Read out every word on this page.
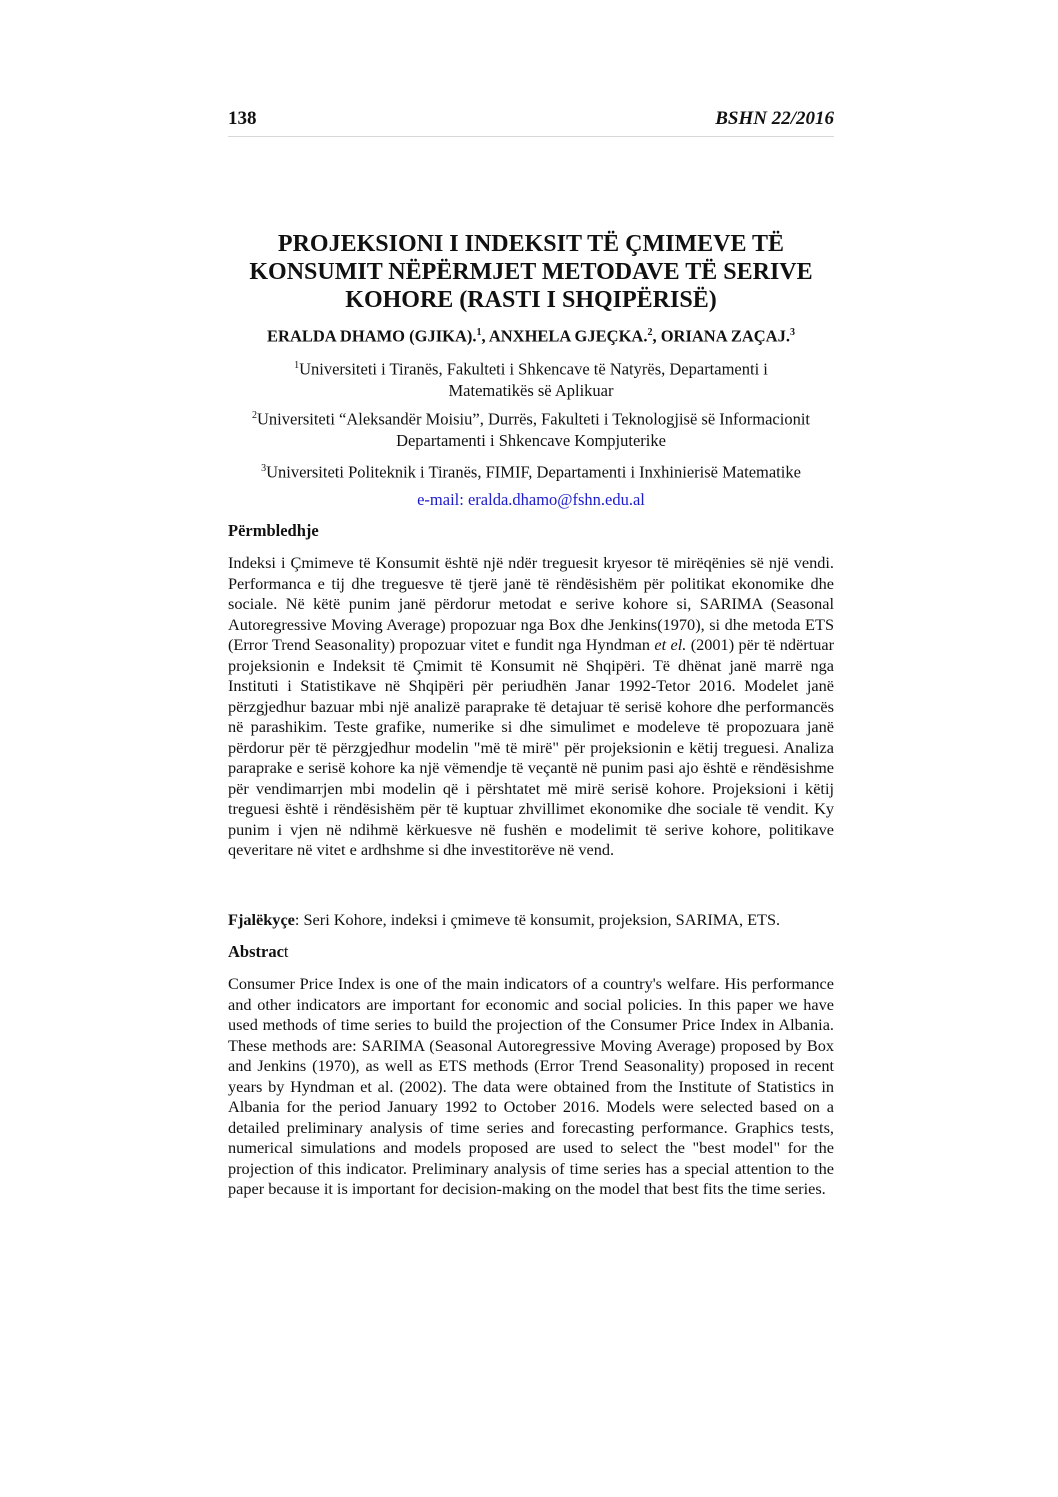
138	BSHN 22/2016
PROJEKSIONI I INDEKSIT TË ÇMIMEVE TË
KONSUMIT NËPËRMJET METODAVE TË SERIVE
KOHORE (RASTI I SHQIPËRISË)
ERALDA DHAMO (GJIKA).$^1$, ANXHELA GJEÇKA.$^2$, ORIANA ZAÇAJ.$^3$
$^1$Universiteti i Tiranës, Fakulteti i Shkencave të Natyrës, Departamenti i
Matematikës së Aplikuar
$^2$Universiteti “Aleksandër Moisiu”, Durrës, Fakulteti i Teknologjisë së Informacionit
Departamenti i Shkencave Kompjuterike
$^3$Universiteti Politeknik i Tiranës, FIMIF, Departamenti i Inxhinierisë Matematike
e-mail: eralda.dhamo@fshn.edu.al
Përmbledhje

Indeksi i Çmimeve të Konsumit është një ndër treguesit kryesor të mirëqënies së një vendi. Performanca e tij dhe treguesve të tjerë janë të rëndësishëm për politikat ekonomike dhe sociale. Në këtë punim janë përdorur metodat e serive kohore si, SARIMA (Seasonal Autoregressive Moving Average) propozuar nga Box dhe Jenkins(1970), si dhe metoda ETS (Error Trend Seasonality) propozuar vitet e fundit nga Hyndman et el. (2001) për të ndërtuar projeksionin e Indeksit të Çmimit të Konsumit në Shqipëri. Të dhënat janë marrë nga Instituti i Statistikave në Shqipëri për periudhën Janar 1992-Tetor 2016. Modelet janë përzgjedhur bazuar mbi një analizë paraprake të detajuar të serisë kohore dhe performancës në parashikim. Teste grafike, numerike si dhe simulimet e modeleve të propozuara janë përdorur për të përzgjedhur modelin "më të mirë" për projeksionin e këtij treguesi. Analiza paraprake e serisë kohore ka një vëmendje të veçantë në punim pasi ajo është e rëndësishme për vendimarrjen mbi modelin që i përshtatet më mirë serisë kohore. Projeksioni i këtij treguesi është i rëndësishëm për të kuptuar zhvillimet ekonomike dhe sociale të vendit. Ky punim i vjen në ndihmë kërkuesve në fushën e modelimit të serive kohore, politikave qeveritare në vitet e ardhshme si dhe investitorëve në vend.

Fjalëkyçe: Seri Kohore, indeksi i çmimeve të konsumit, projeksion, SARIMA, ETS.

Abstract

Consumer Price Index is one of the main indicators of a country's welfare. His performance and other indicators are important for economic and social policies. In this paper we have used methods of time series to build the projection of the Consumer Price Index in Albania. These methods are: SARIMA (Seasonal Autoregressive Moving Average) proposed by Box and Jenkins (1970), as well as ETS methods (Error Trend Seasonality) proposed in recent years by Hyndman et al. (2002). The data were obtained from the Institute of Statistics in Albania for the period January 1992 to October 2016. Models were selected based on a detailed preliminary analysis of time series and forecasting performance. Graphics tests, numerical simulations and models proposed are used to select the "best model" for the projection of this indicator. Preliminary analysis of time series has a special attention to the paper because it is important for decision-making on the model that best fits the time series.
